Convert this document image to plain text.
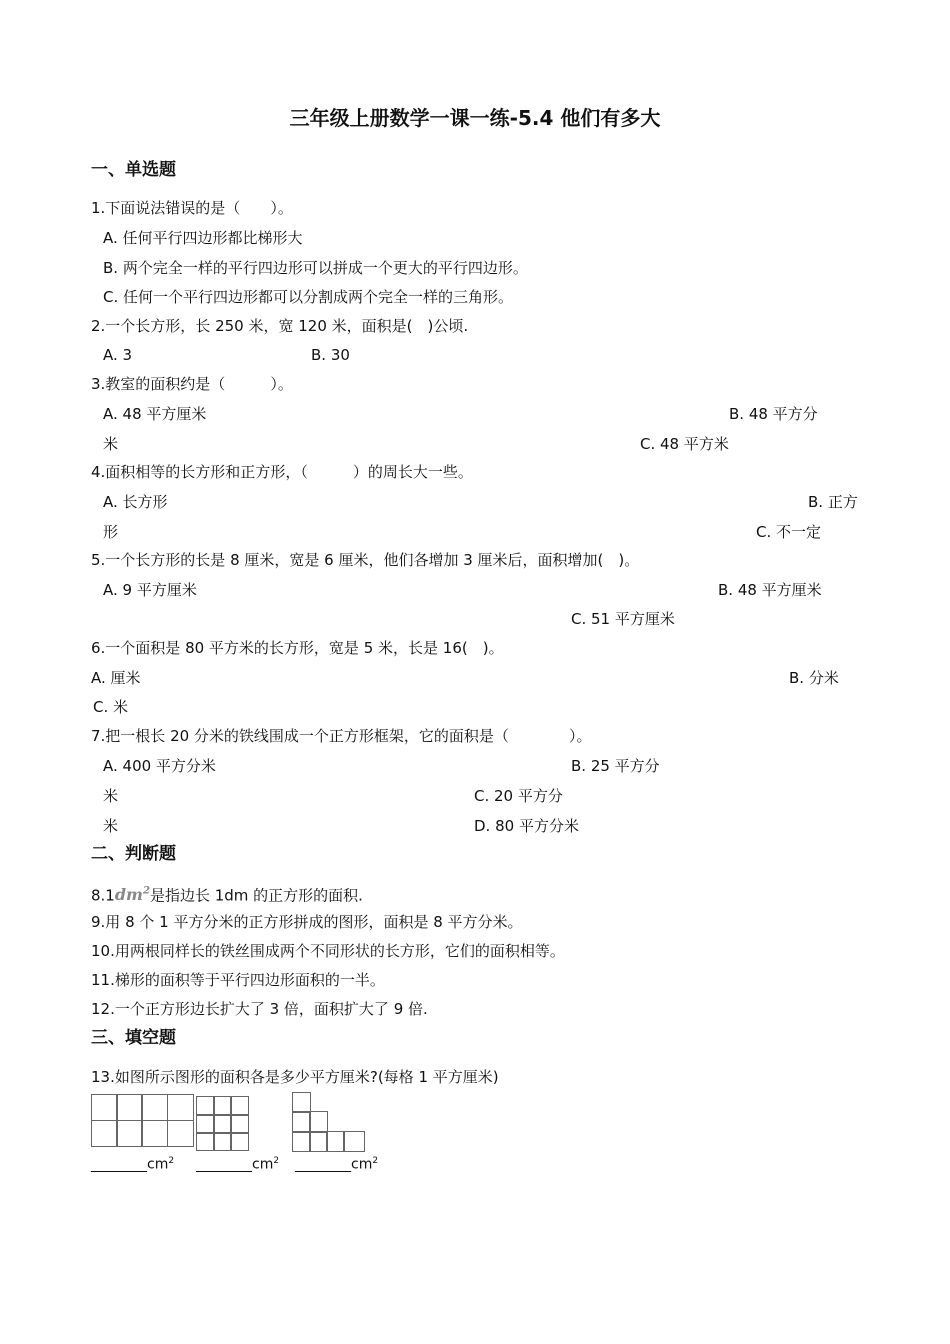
三年级上册数学一课一练-5.4 他们有多大
一、单选题
1.下面说法错误的是（　　）。
A. 任何平行四边形都比梯形大
B. 两个完全一样的平行四边形可以拼成一个更大的平行四边形。
C. 任何一个平行四边形都可以分割成两个完全一样的三角形。
2.一个长方形，长 250 米，宽 120 米，面积是(　)公顷.
A. 3	B. 30
3.教室的面积约是（　　　）。
A. 48 平方厘米	B. 48 平方分
米	C. 48 平方米
4.面积相等的长方形和正方形，（　　　）的周长大一些。
A. 长方形	B. 正方
形	C. 不一定
5.一个长方形的长是 8 厘米，宽是 6 厘米，他们各增加 3 厘米后，面积增加(　)。
A. 9 平方厘米	B. 48 平方厘米
C. 51 平方厘米
6.一个面积是 80 平方米的长方形，宽是 5 米，长是 16(　)。
A. 厘米	B. 分米
C. 米
7.把一根长 20 分米的铁线围成一个正方形框架，它的面积是（　　　　）。
A. 400 平方分米	B. 25 平方分
米	C. 20 平方分
米	D. 80 平方分米
二、判断题
$8.1dm^2$是指边长 1dm 的正方形的面积.
9.用 8 个 1 平方分米的正方形拼成的图形，面积是 8 平方分米。
10.用两根同样长的铁丝围成两个不同形状的长方形，它们的面积相等。
11.梯形的面积等于平行四边形面积的一半。
12.一个正方形边长扩大了 3 倍，面积扩大了 9 倍.
三、填空题
13.如图所示图形的面积各是多少平方厘米?(每格 1 平方厘米)
$\_\_\_\_\_\_\_\_cm^2$ $\_\_\_\_\_\_\_\_cm^2$ $\_\_\_\_\_\_\_\_cm^2$
